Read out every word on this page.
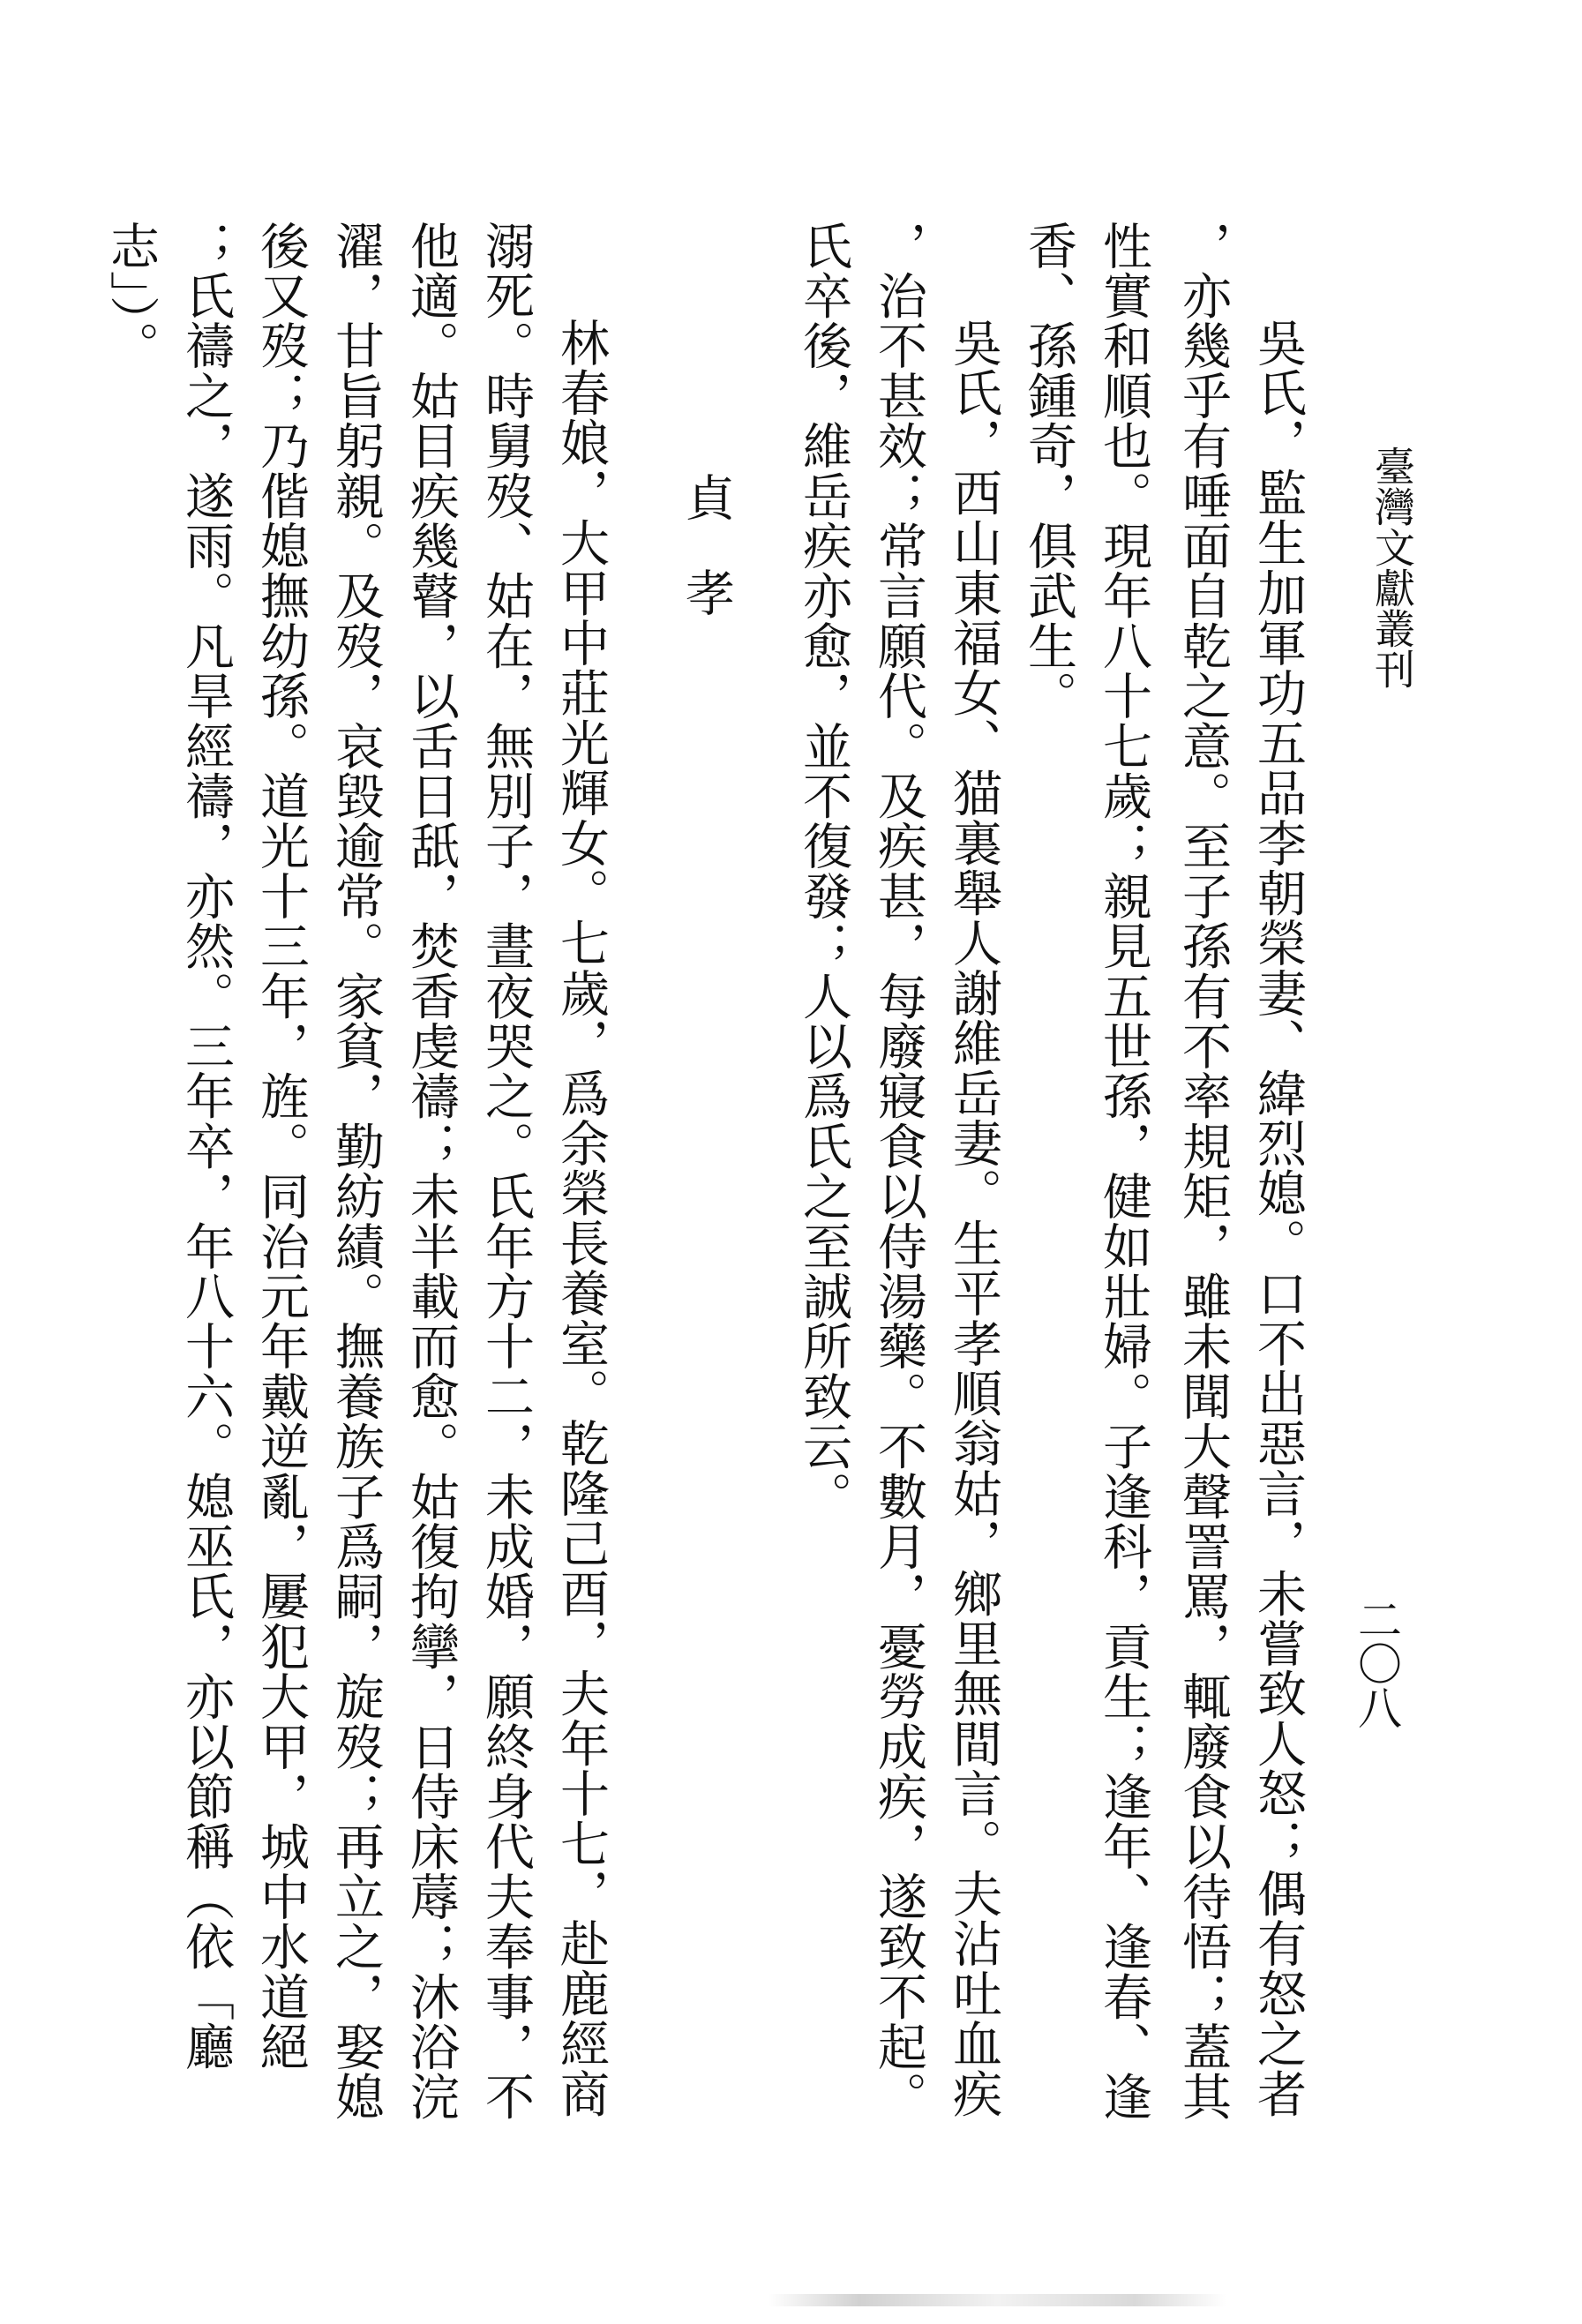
臺灣文獻叢刊
二〇八
吳氏，監生加軍功五品李朝榮妻、緯烈媳。口不出惡言，未嘗致人怒；偶有怒之者
，亦幾乎有唾面自乾之意。至子孫有不率規矩，雖未聞大聲詈罵，輒廢食以待悟；蓋其
性實和順也。現年八十七歲；親見五世孫，健如壯婦。子逢科，貢生；逢年、逢春、逢
香、孫鍾奇，俱武生。
吳氏，西山東福女、猫裏舉人謝維岳妻。生平孝順翁姑，鄉里無間言。夫沾吐血疾
，治不甚效；常言願代。及疾甚，每廢寢食以侍湯藥。不數月，憂勞成疾，遂致不起。
氏卒後，維岳疾亦愈，並不復發；人以爲氏之至誠所致云。
貞孝
林春娘，大甲中莊光輝女。七歲，爲余榮長養室。乾隆己酉，夫年十七，赴鹿經商
溺死。時舅歿、姑在，無別子，晝夜哭之。氏年方十二，未成婚，願終身代夫奉事，不
他適。姑目疾幾瞽，以舌日舐，焚香虔禱；未半載而愈。姑復拘攣，日侍床蓐；沐浴浣
濯，甘旨躬親。及歿，哀毀逾常。家貧，勤紡績。撫養族子爲嗣，旋歿；再立之，娶媳
後又歿；乃偕媳撫幼孫。道光十三年，旌。同治元年戴逆亂，屢犯大甲，城中水道絕
；氏禱之，遂雨。凡旱經禱，亦然。三年卒，年八十六。媳巫氏，亦以節稱（依「廳
志」）。
